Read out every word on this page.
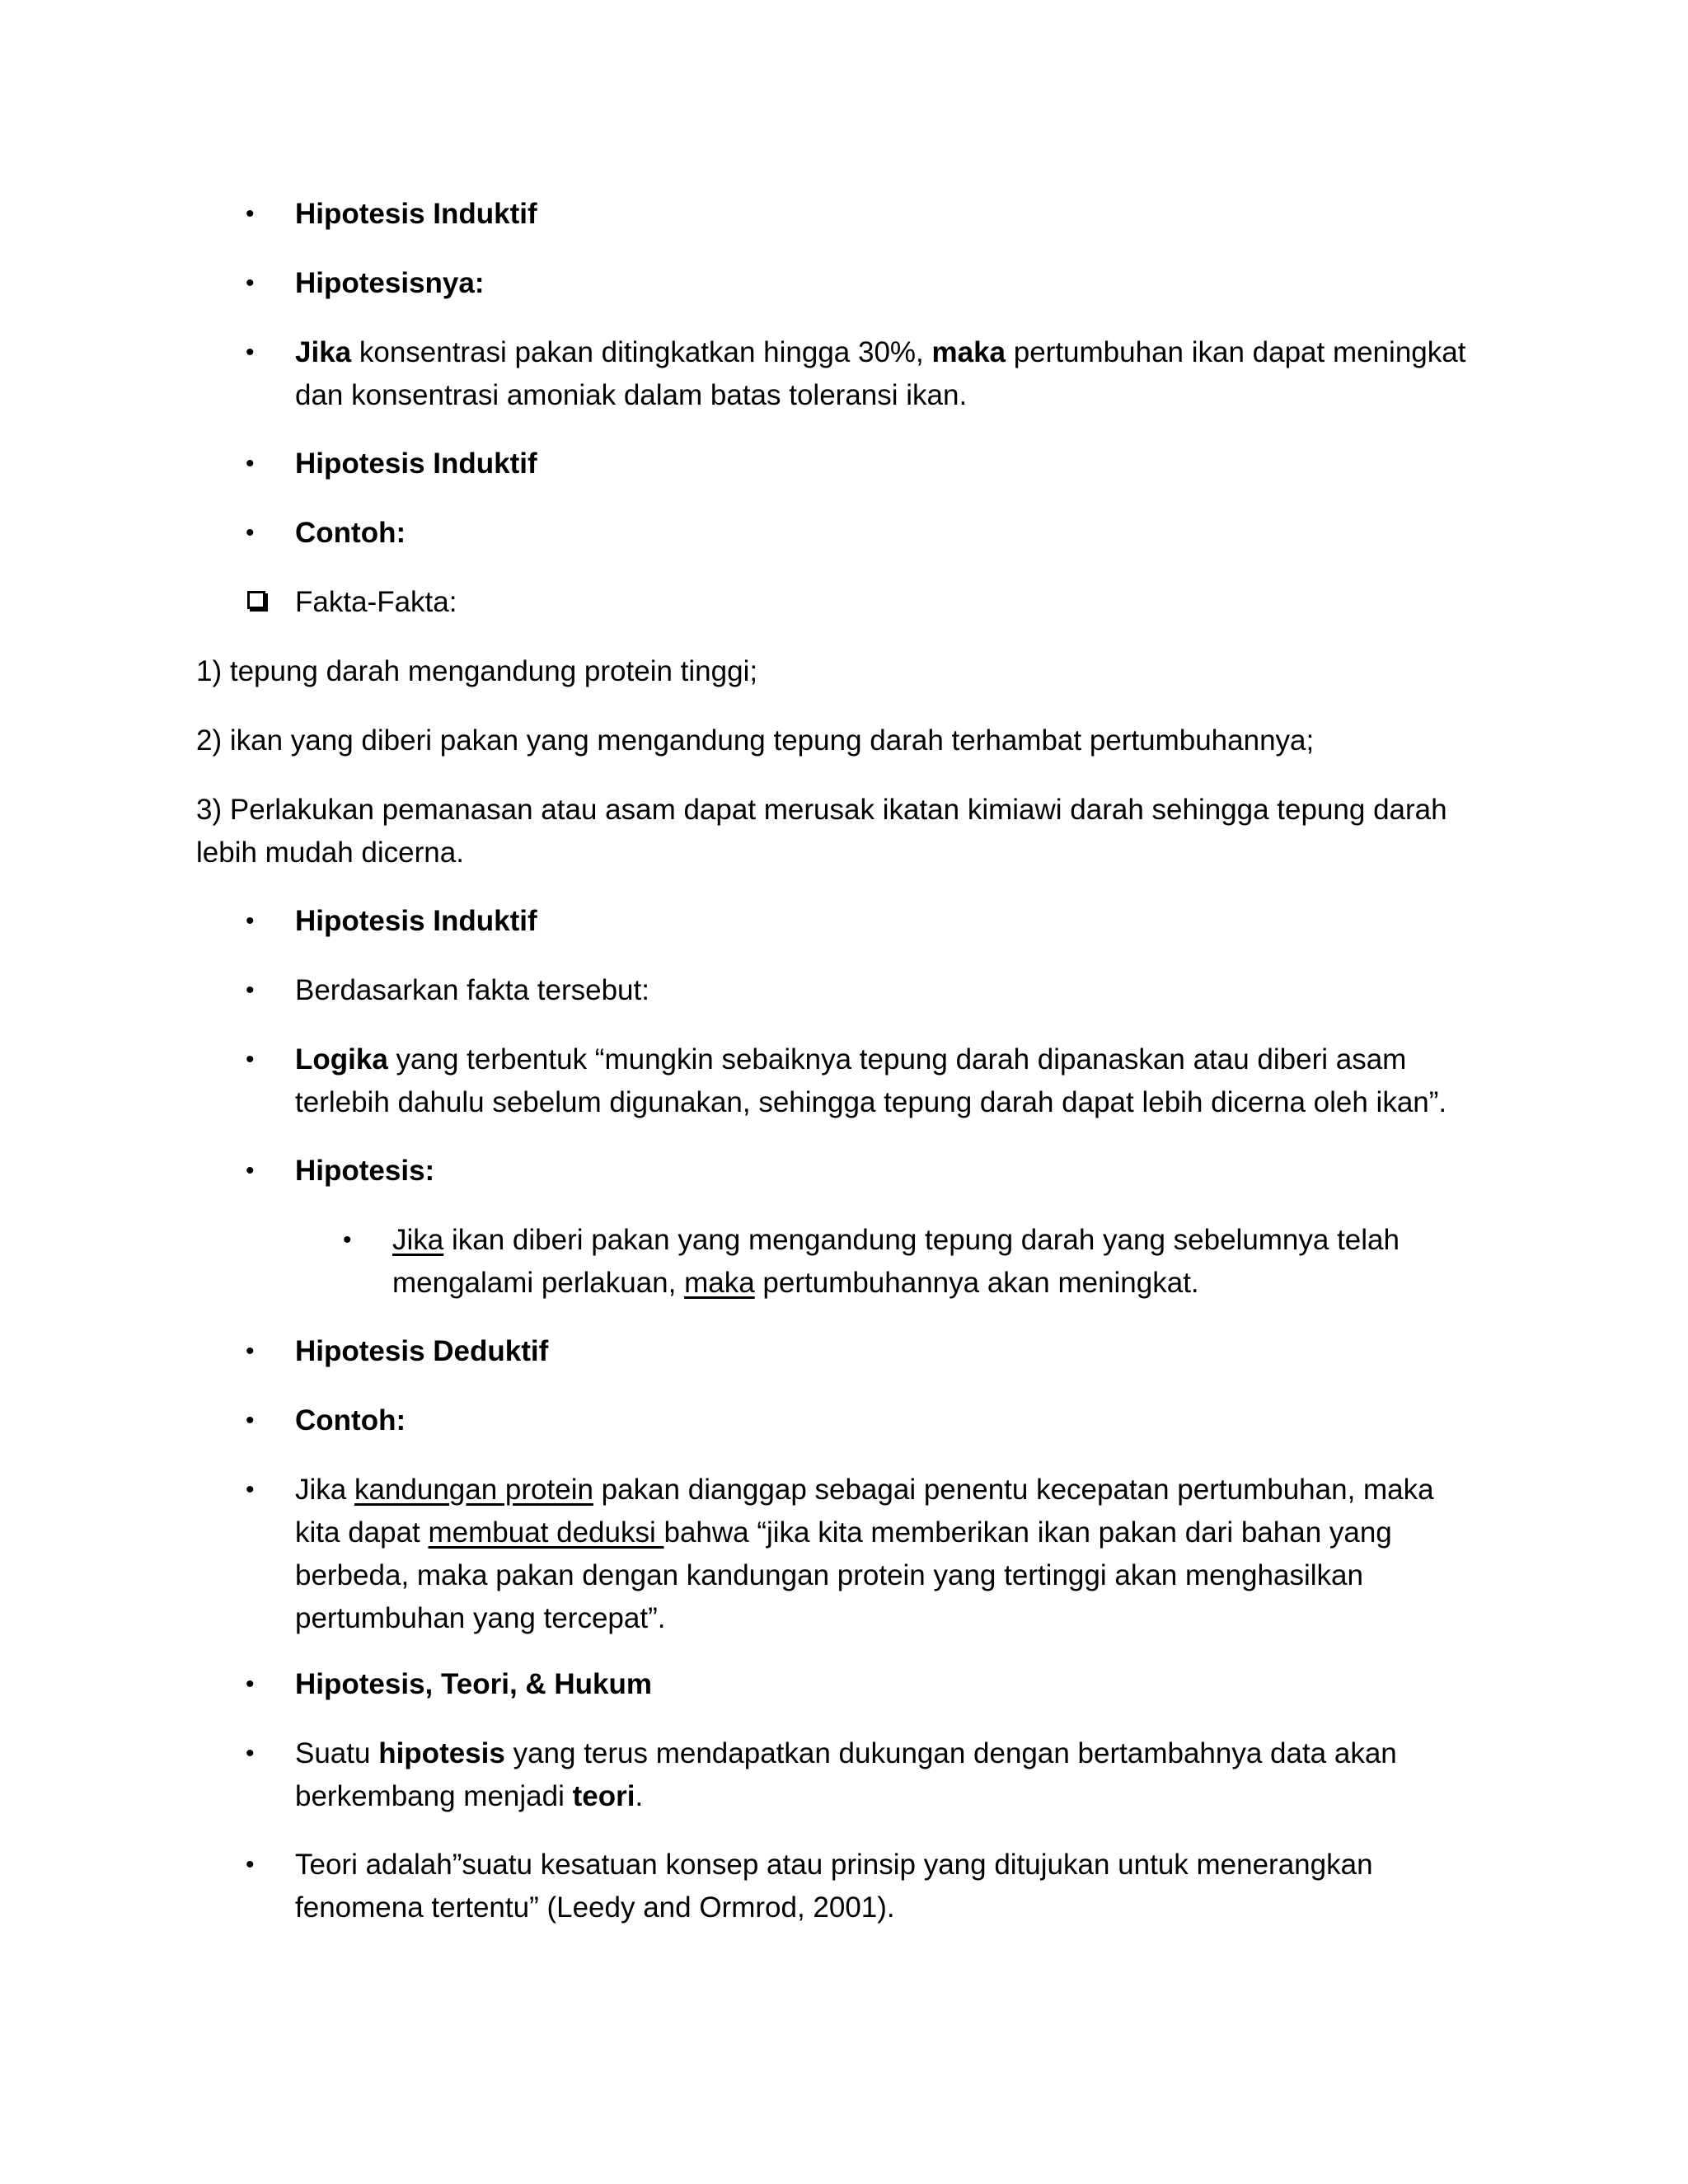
•	Hipotesis Induktif
•	Hipotesisnya:
•	Jika konsentrasi pakan ditingkatkan hingga 30%, maka pertumbuhan ikan dapat meningkat dan konsentrasi amoniak dalam batas toleransi ikan.
•	Hipotesis Induktif
•	Contoh:
Fakta-Fakta:
1) tepung darah mengandung protein tinggi;
2) ikan yang diberi pakan yang mengandung tepung darah terhambat pertumbuhannya;
3) Perlakukan pemanasan atau asam dapat merusak ikatan kimiawi darah sehingga tepung darah lebih mudah dicerna.
•	Hipotesis Induktif
•	Berdasarkan fakta tersebut:
•	Logika yang terbentuk “mungkin sebaiknya tepung darah dipanaskan atau diberi asam terlebih dahulu sebelum digunakan, sehingga tepung darah dapat lebih dicerna oleh ikan”.
•	Hipotesis:
•	Jika ikan diberi pakan yang mengandung tepung darah yang sebelumnya telah mengalami perlakuan, maka pertumbuhannya akan meningkat.
•	Hipotesis Deduktif
•	Contoh:
•	Jika kandungan protein pakan dianggap sebagai penentu kecepatan pertumbuhan, maka kita dapat membuat deduksi bahwa “jika kita memberikan ikan pakan dari bahan yang berbeda, maka pakan dengan kandungan protein yang tertinggi akan menghasilkan pertumbuhan yang tercepat”.
•	Hipotesis, Teori, & Hukum
•	Suatu hipotesis yang terus mendapatkan dukungan dengan bertambahnya data akan berkembang menjadi teori.
•	Teori adalah”suatu kesatuan konsep atau prinsip yang ditujukan untuk menerangkan fenomena tertentu” (Leedy and Ormrod, 2001).
